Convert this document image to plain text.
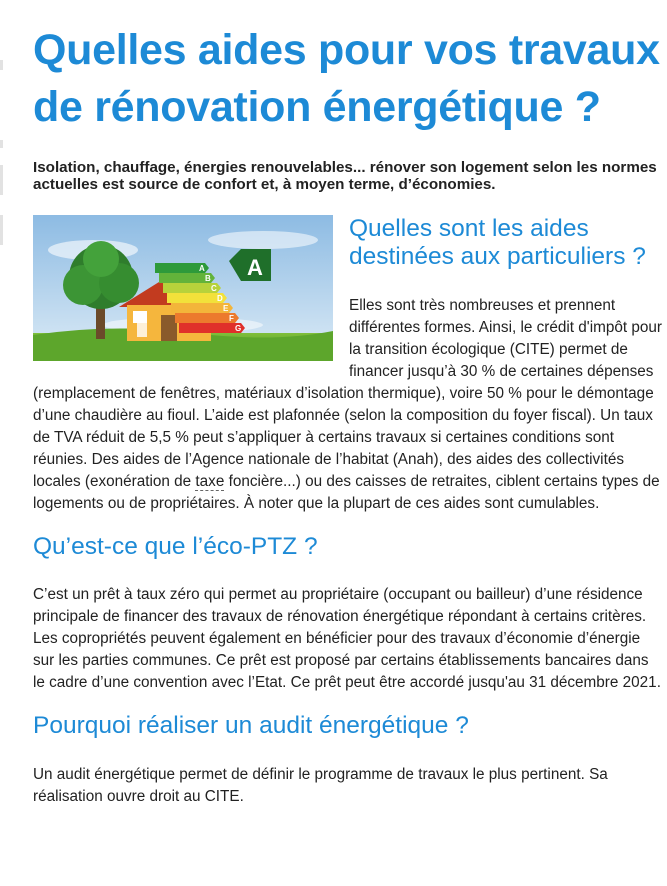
Quelles aides pour vos travaux de rénovation énergétique ?

Isolation, chauffage, énergies renouvelables... rénover son logement selon les normes actuelles est source de confort et, à moyen terme, d’économies.

A
B
C
D
E
F
G
A
Quelles sont les aides destinées aux particuliers ?

Elles sont très nombreuses et prennent différentes formes. Ainsi, le crédit d'impôt pour la transition écologique (CITE) permet de financer jusqu’à 30 % de certaines dépenses (remplacement de fenêtres, matériaux d’isolation thermique), voire 50 % pour le démontage d’une chaudière au fioul. L’aide est plafonnée (selon la composition du foyer fiscal). Un taux de TVA réduit de 5,5 % peut s’appliquer à certains travaux si certaines conditions sont réunies. Des aides de l’Agence nationale de l’habitat (Anah), des aides des collectivités locales (exonération de taxe foncière...) ou des caisses de retraites, ciblent certains types de logements ou de propriétaires. À noter que la plupart de ces aides sont cumulables.

Qu’est-ce que l’éco-PTZ ?

C’est un prêt à taux zéro qui permet au propriétaire (occupant ou bailleur) d’une résidence principale de financer des travaux de rénovation énergétique répondant à certains critères. Les copropriétés peuvent également en bénéficier pour des travaux d’économie d’énergie sur les parties communes. Ce prêt est proposé par certains établissements bancaires dans le cadre d’une convention avec l’Etat. Ce prêt peut être accordé jusqu'au 31 décembre 2021.

Pourquoi réaliser un audit énergétique ?

Un audit énergétique permet de définir le programme de travaux le plus pertinent. Sa réalisation ouvre droit au CITE.
